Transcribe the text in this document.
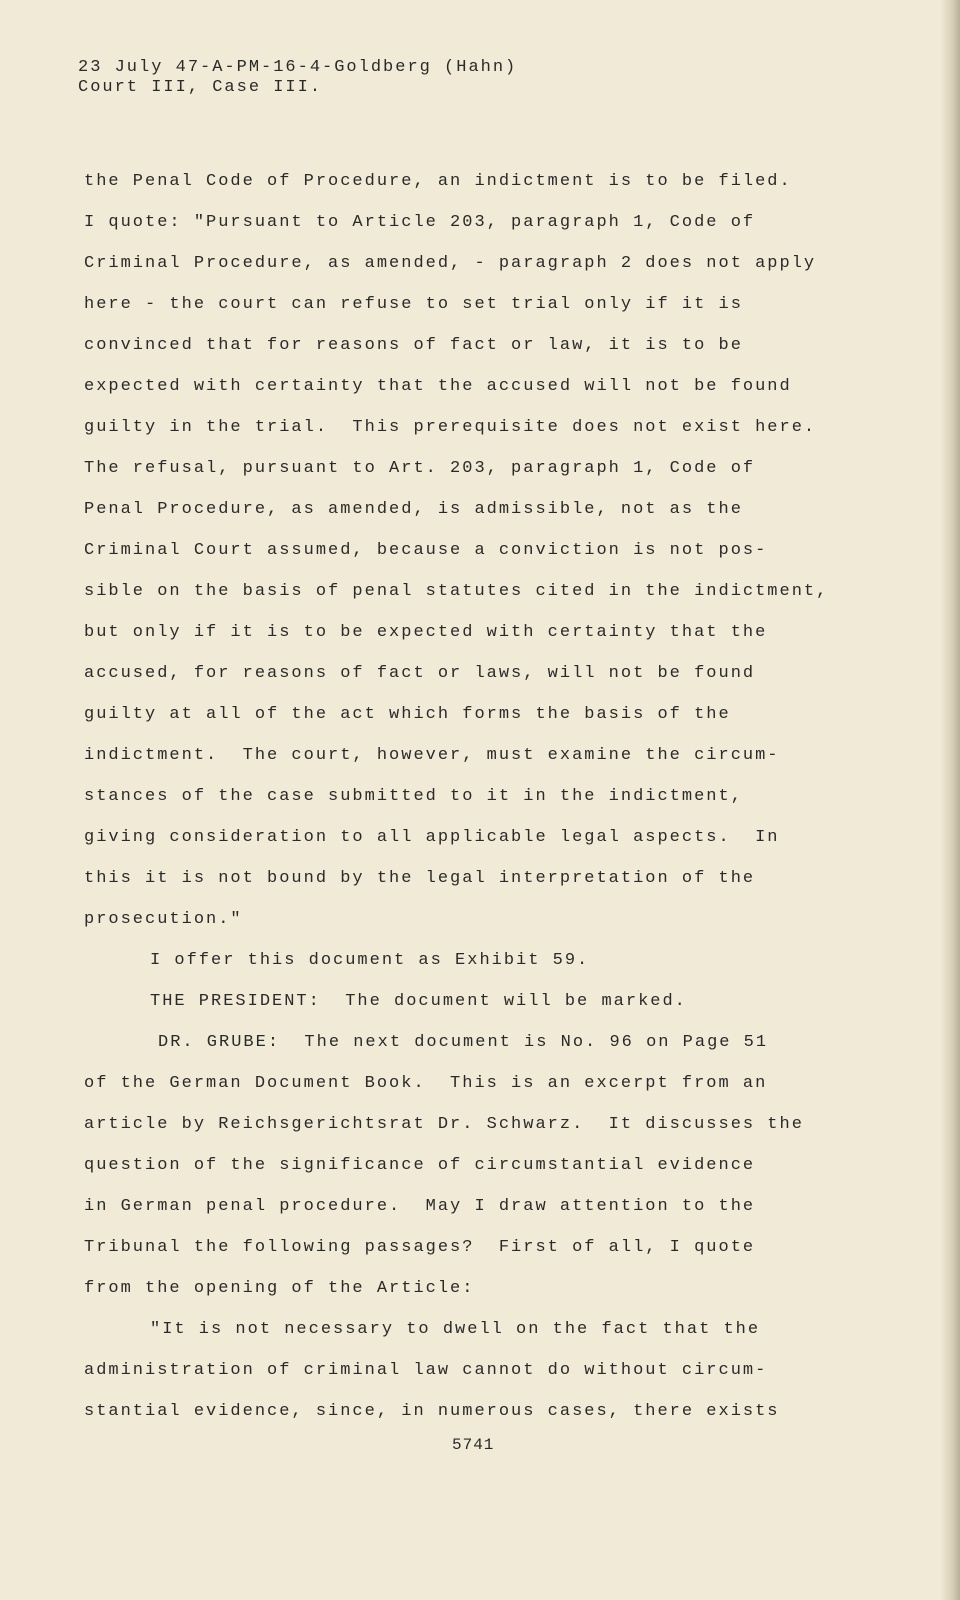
23 July 47-A-PM-16-4-Goldberg (Hahn)
Court III, Case III.
the Penal Code of Procedure, an indictment is to be filed.
I quote: "Pursuant to Article 203, paragraph 1, Code of
Criminal Procedure, as amended, - paragraph 2 does not apply
here - the court can refuse to set trial only if it is
convinced that for reasons of fact or law, it is to be
expected with certainty that the accused will not be found
guilty in the trial.  This prerequisite does not exist here.
The refusal, pursuant to Art. 203, paragraph 1, Code of
Penal Procedure, as amended, is admissible, not as the
Criminal Court assumed, because a conviction is not pos-
sible on the basis of penal statutes cited in the indictment,
but only if it is to be expected with certainty that the
accused, for reasons of fact or laws, will not be found
guilty at all of the act which forms the basis of the
indictment.  The court, however, must examine the circum-
stances of the case submitted to it in the indictment,
giving consideration to all applicable legal aspects.  In
this it is not bound by the legal interpretation of the
prosecution."
I offer this document as Exhibit 59.
THE PRESIDENT:  The document will be marked.
DR. GRUBE:  The next document is No. 96 on Page 51
of the German Document Book.  This is an excerpt from an
article by Reichsgerichtsrat Dr. Schwarz.  It discusses the
question of the significance of circumstantial evidence
in German penal procedure.  May I draw attention to the
Tribunal the following passages?  First of all, I quote
from the opening of the Article:
"It is not necessary to dwell on the fact that the
administration of criminal law cannot do without circum-
stantial evidence, since, in numerous cases, there exists
5741
